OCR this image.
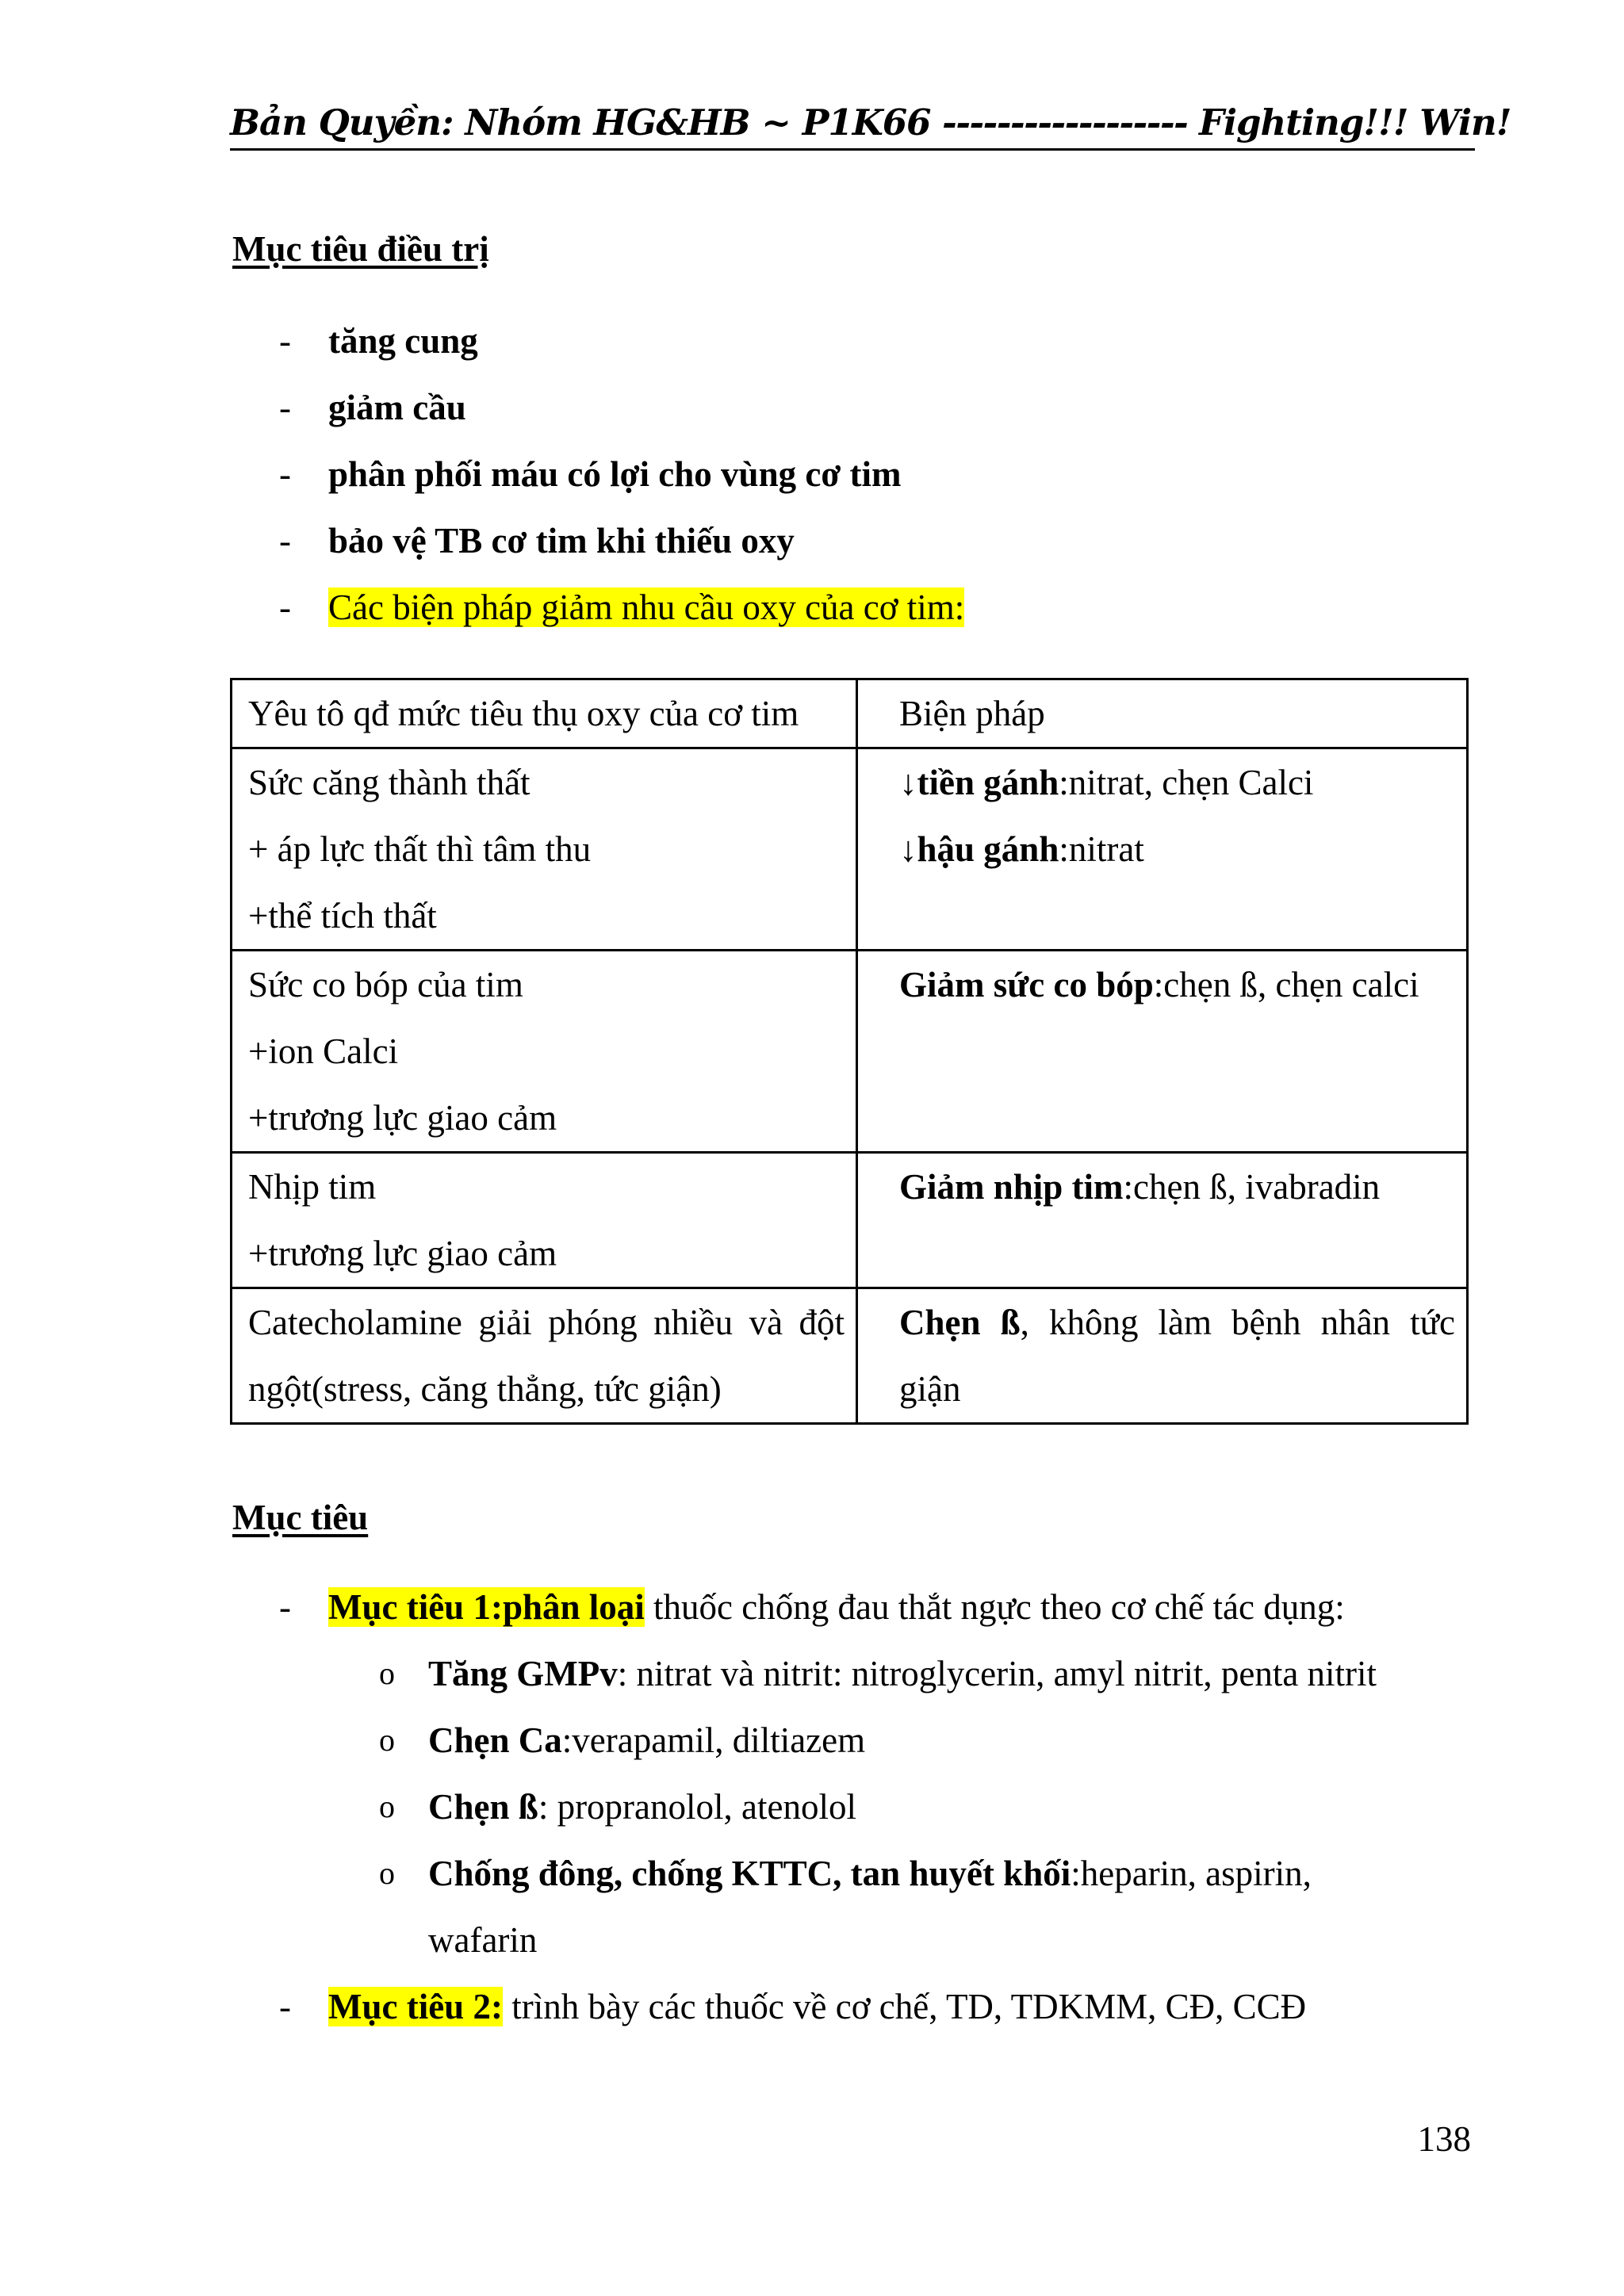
Bản Quyền: Nhóm HG&HB ~ P1K66 ------------------ Fighting!!! Win!
Mục tiêu điều trị
- tăng cung
- giảm cầu
- phân phối máu có lợi cho vùng cơ tim
- bảo vệ TB cơ tim khi thiếu oxy
- Các biện pháp giảm nhu cầu oxy của cơ tim:
Yêu tô qđ mức tiêu thụ oxy của cơ tim	Biện pháp

Sức căng thành thất
+ áp lực thất thì tâm thu
+thể tích thất	↓tiền gánh:nitrat, chẹn Calci
↓hậu gánh:nitrat

Sức co bóp của tim
+ion Calci
+trương lực giao cảm	Giảm sức co bóp:chẹn ß, chẹn calci

Nhịp tim
+trương lực giao cảm	Giảm nhịp tim:chẹn ß, ivabradin

Catecholamine giải phóng nhiều và đột
ngột(stress, căng thẳng, tức giận)	Chẹn ß, không làm bệnh nhân tức
giận
Mục tiêu
- Mục tiêu 1:phân loại thuốc chống đau thắt ngực theo cơ chế tác dụng:
o Tăng GMPv: nitrat và nitrit: nitroglycerin, amyl nitrit, penta nitrit
o Chẹn Ca:verapamil, diltiazem
o Chẹn ß: propranolol, atenolol
o Chống đông, chống KTTC, tan huyết khối:heparin, aspirin,
wafarin
- Mục tiêu 2: trình bày các thuốc về cơ chế, TD, TDKMM, CĐ, CCĐ
138
